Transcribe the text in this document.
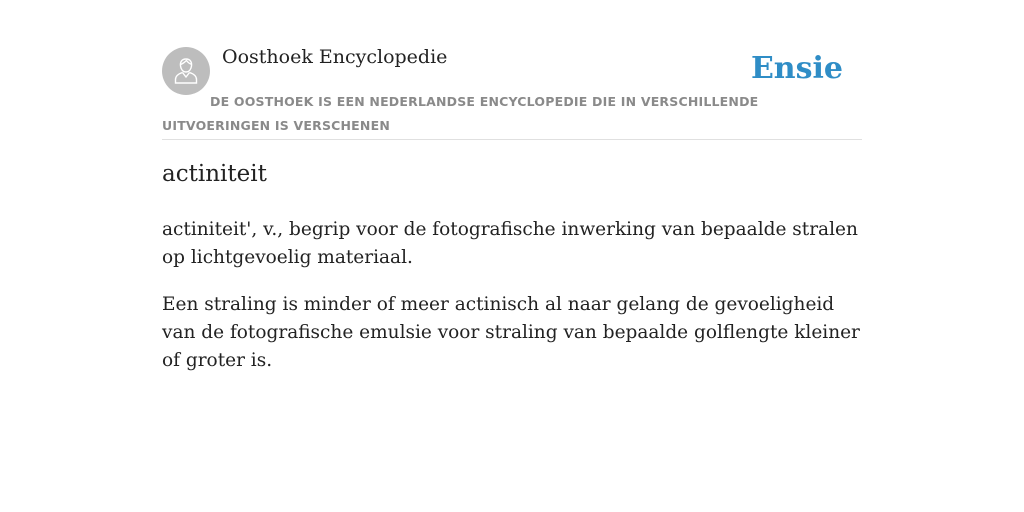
Oosthoek Encyclopedie	Ensie

DE OOSTHOEK IS EEN NEDERLANDSE ENCYCLOPEDIE DIE IN VERSCHILLENDE UITVOERINGEN IS VERSCHENEN

actiniteit

actiniteit', v., begrip voor de fotografische inwerking van bepaalde stralen op lichtgevoelig materiaal.

Een straling is minder of meer actinisch al naar gelang de gevoeligheid van de fotografische emulsie voor straling van bepaalde golflengte kleiner of groter is.
